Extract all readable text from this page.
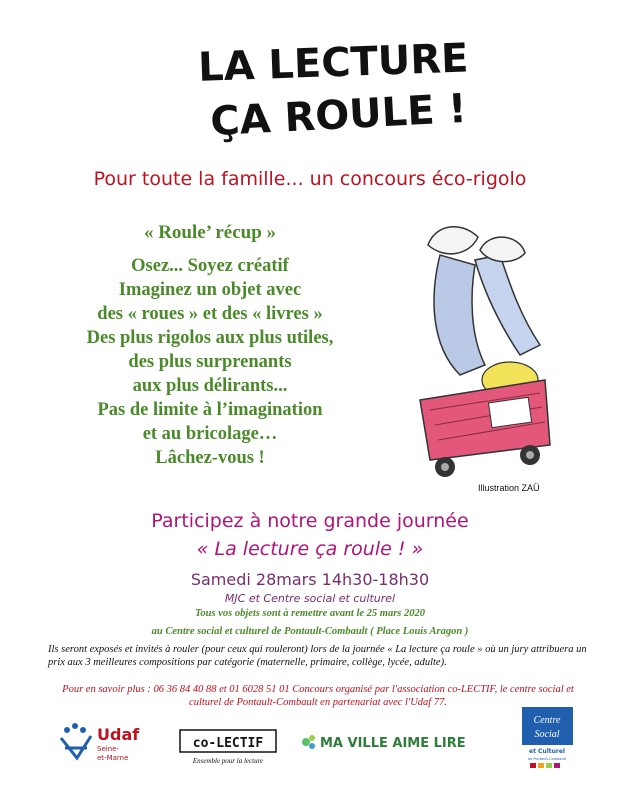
LA LECTURE
ÇA ROULE !
Pour toute la famille... un concours éco-rigolo
« Roule’ récup »
Osez... Soyez créatif
Imaginez un objet avec
des « roues » et des « livres »
Des plus rigolos aux plus utiles,
des plus surprenants
aux plus délirants...
Pas de limite à l’imagination
et au bricolage…
Lâchez-vous !
Illustration ZAÜ
Participez à notre grande journée
« La lecture ça roule ! »
Samedi 28mars 14h30-18h30
MJC et Centre social et culturel
Tous vos objets sont à remettre avant le 25 mars 2020
au Centre social et culturel de Pontault-Combault ( Place Louis Aragon )
Ils seront exposés et invités à rouler (pour ceux qui rouleront) lors de la journée « La lecture ça roule » où un jury attribuera un prix aux 3 meilleures compositions par catégorie (maternelle, primaire, collège, lycée, adulte).
Pour en savoir plus : 06 36 84 40 88 et 01 6028 51 01 Concours organisé par l'association co-LECTIF, le centre social et culturel de Pontault-Combault en partenariat avec l'Udaf 77.
Udaf
Seine-
et-Marne
co-LECTIF
Ensemble pour la lecture
MA VILLE AIME LIRE
Centre
Social
et Culturel
de Pontault-Combault
